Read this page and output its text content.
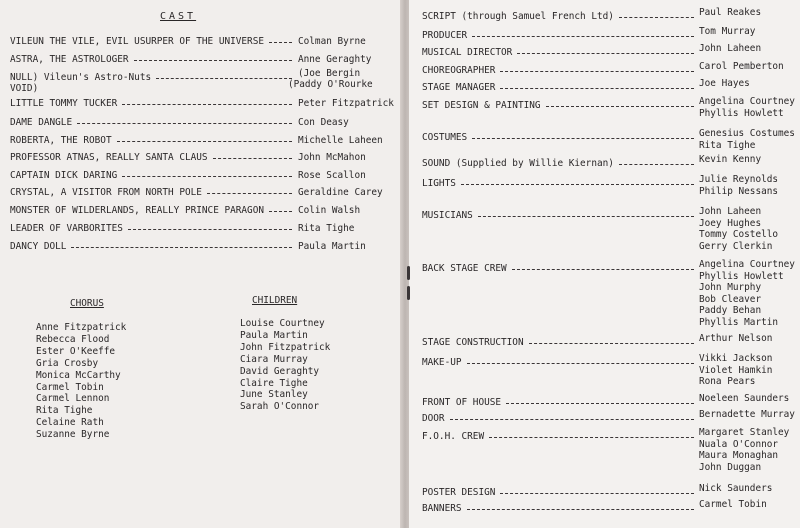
CAST
VILEUN THE VILE, EVIL USURPER OF THE UNIVERSE	Colman Byrne
ASTRA, THE ASTROLOGER	Anne Geraghty
NULL) Vileun's Astro-Nuts	(Joe Bergin
VOID)	(Paddy O'Rourke
LITTLE TOMMY TUCKER	Peter Fitzpatrick
DAME DANGLE	Con Deasy
ROBERTA, THE ROBOT	Michelle Laheen
PROFESSOR ATNAS, REALLY SANTA CLAUS	John McMahon
CAPTAIN DICK DARING	Rose Scallon
CRYSTAL, A VISITOR FROM NORTH POLE	Geraldine Carey
MONSTER OF WILDERLANDS, REALLY PRINCE PARAGON	Colin Walsh
LEADER OF VARBORITES	Rita Tighe
DANCY DOLL	Paula Martin
CHORUS
Anne Fitzpatrick
Rebecca Flood
Ester O'Keeffe
Gria Crosby
Monica McCarthy
Carmel Tobin
Carmel Lennon
Rita Tighe
Celaine Rath
Suzanne Byrne
CHILDREN
Louise Courtney
Paula Martin
John Fitzpatrick
Ciara Murray
David Geraghty
Claire Tighe
June Stanley
Sarah O'Connor
SCRIPT (through Samuel French Ltd)	Paul Reakes
PRODUCER	Tom Murray
MUSICAL DIRECTOR	John Laheen
CHOREOGRAPHER	Carol Pemberton
STAGE MANAGER	Joe Hayes
SET DESIGN & PAINTING	Angelina Courtney
Phyllis Howlett
COSTUMES	Genesius Costumes
Rita Tighe
SOUND (Supplied by Willie Kiernan)	Kevin Kenny
LIGHTS	Julie Reynolds
Philip Nessans
MUSICIANS	John Laheen
Joey Hughes
Tommy Costello
Gerry Clerkin
BACK STAGE CREW	Angelina Courtney
Phyllis Howlett
John Murphy
Bob Cleaver
Paddy Behan
Phyllis Martin
STAGE CONSTRUCTION	Arthur Nelson
MAKE-UP	Vikki Jackson
Violet Hamkin
Rona Pears
FRONT OF HOUSE	Noeleen Saunders
DOOR	Bernadette Murray
F.O.H. CREW	Margaret Stanley
Nuala O'Connor
Maura Monaghan
John Duggan
POSTER DESIGN	Nick Saunders
BANNERS	Carmel Tobin
